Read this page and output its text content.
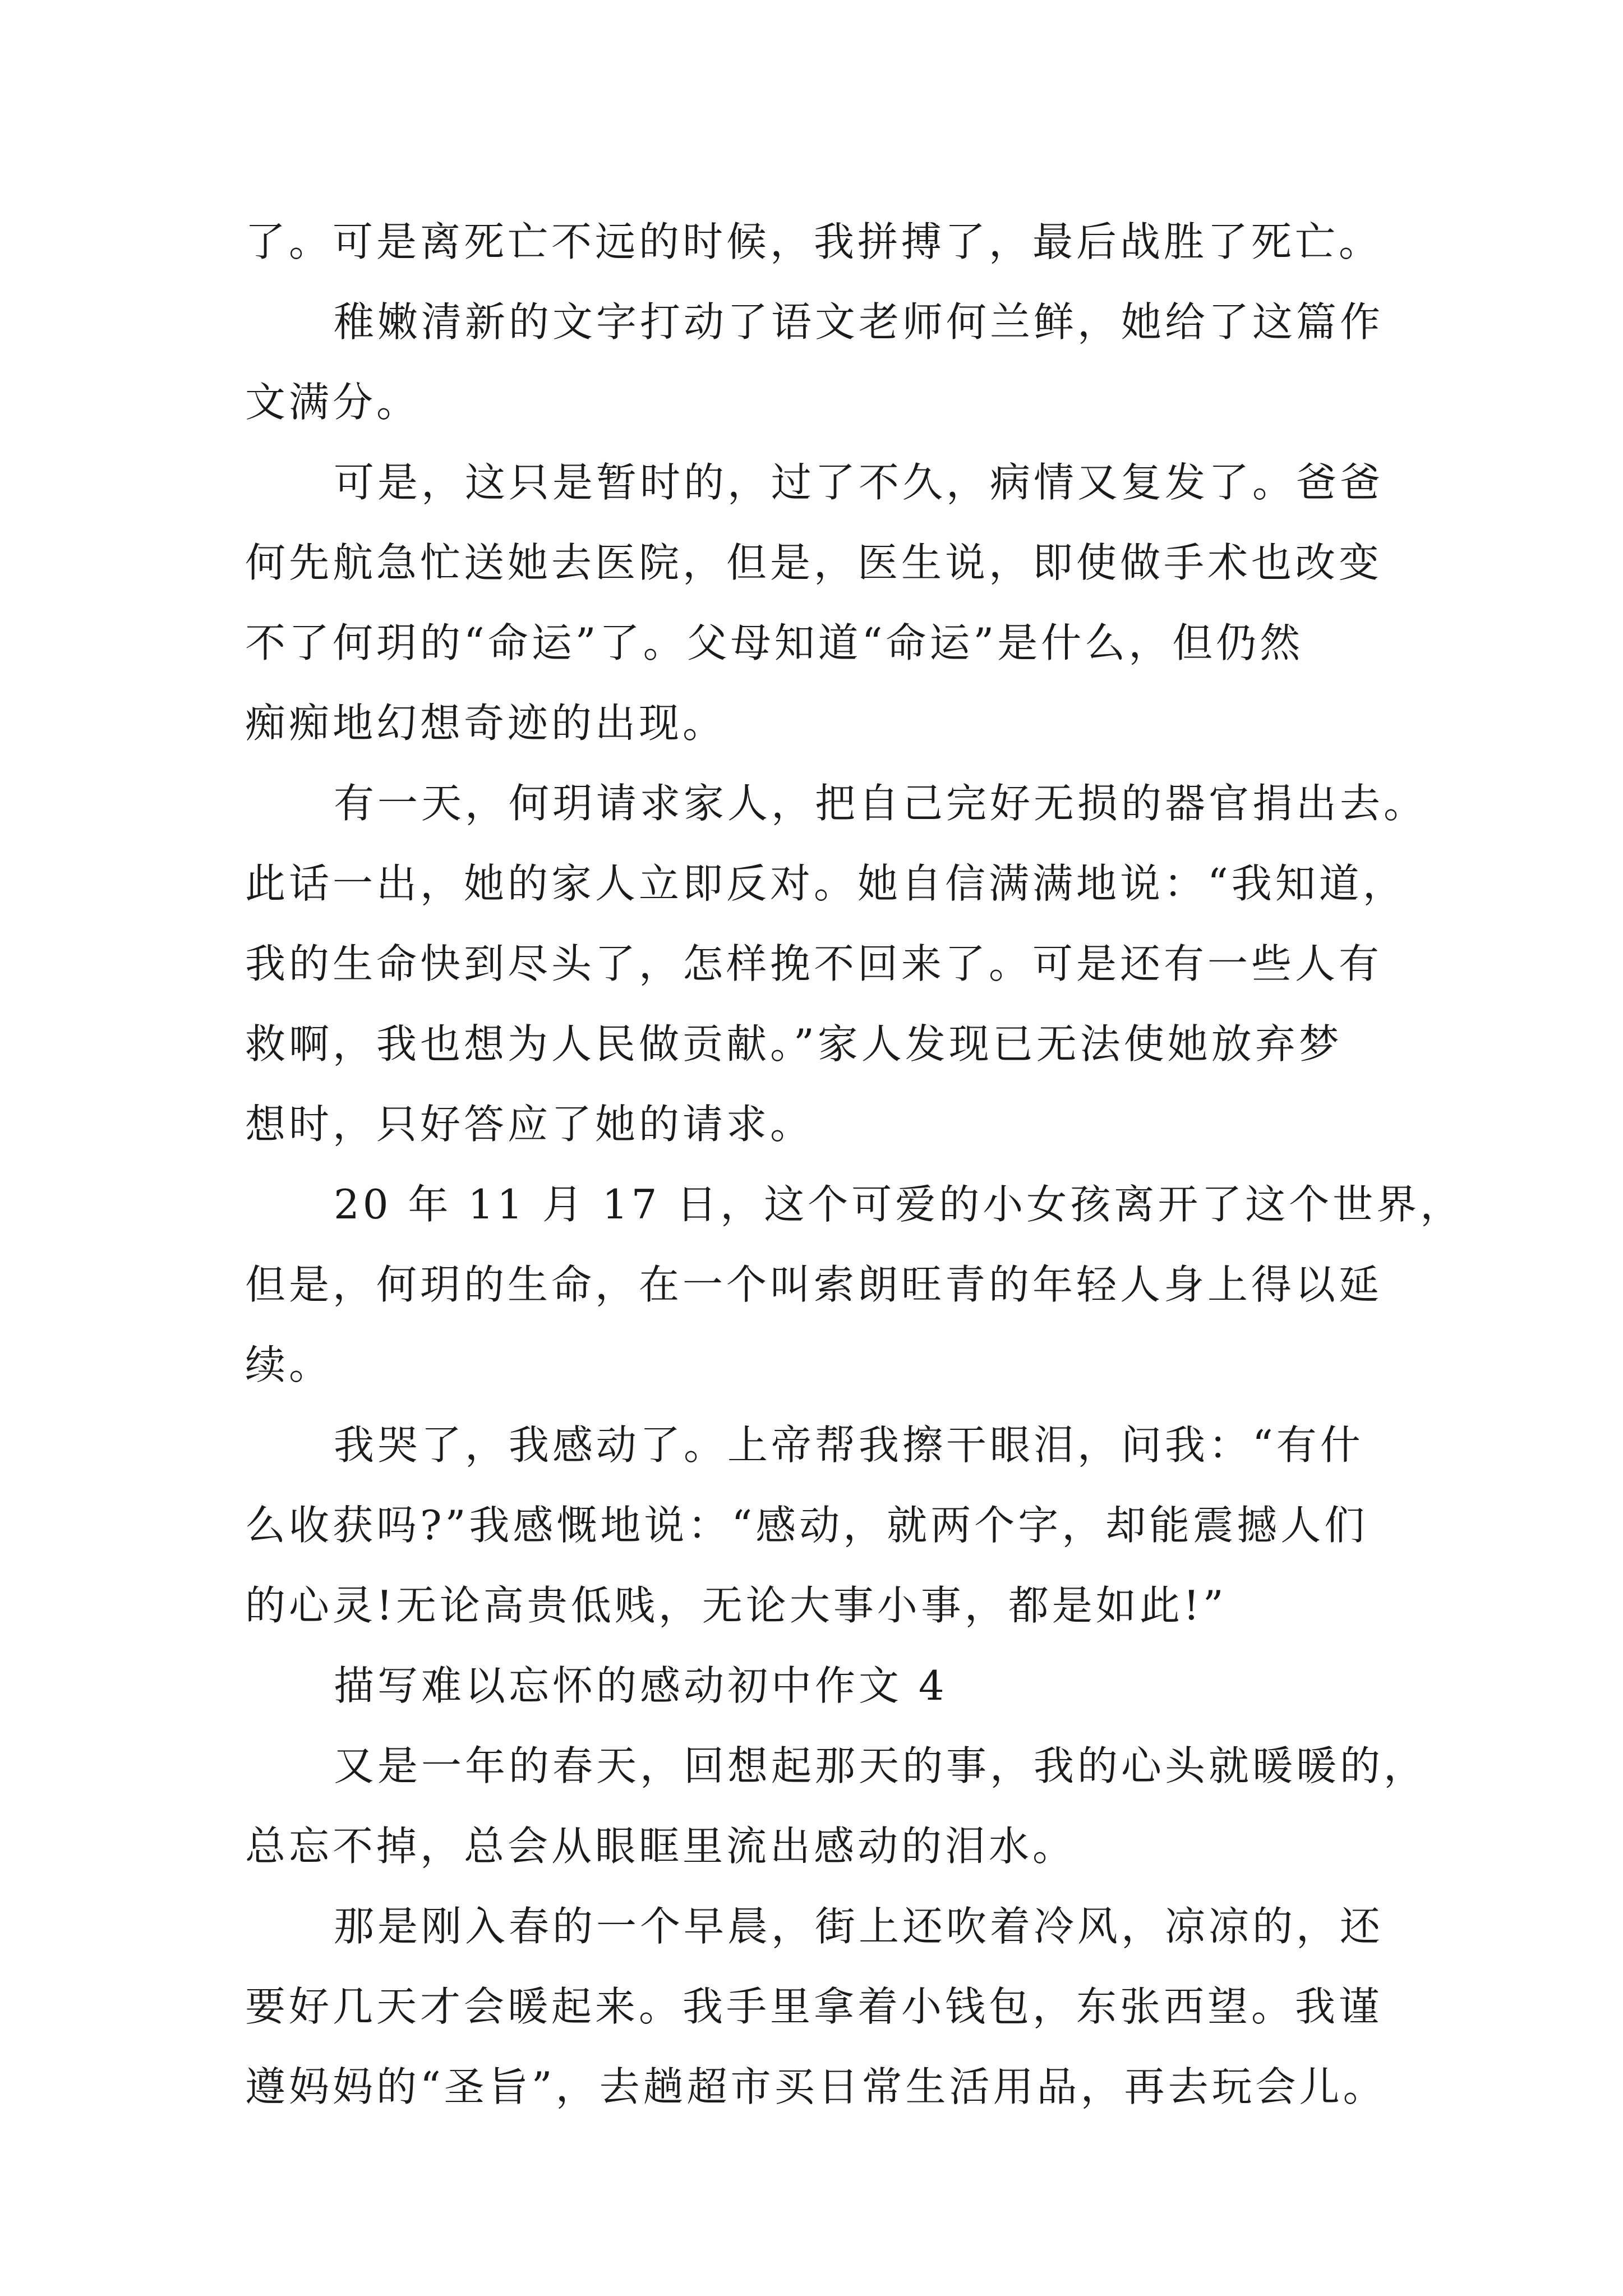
了。可是离死亡不远的时候，我拼搏了，最后战胜了死亡。
稚嫩清新的文字打动了语文老师何兰鲜，她给了这篇作
文满分。
可是，这只是暂时的，过了不久，病情又复发了。爸爸
何先航急忙送她去医院，但是，医生说，即使做手术也改变
不了何玥的“命运”了。父母知道“命运”是什么，但仍然
痴痴地幻想奇迹的出现。
有一天，何玥请求家人，把自己完好无损的器官捐出去。
此话一出，她的家人立即反对。她自信满满地说：“我知道，
我的生命快到尽头了，怎样挽不回来了。可是还有一些人有
救啊，我也想为人民做贡献。”家人发现已无法使她放弃梦
想时，只好答应了她的请求。
20 年 11 月 17 日，这个可爱的小女孩离开了这个世界，
但是，何玥的生命，在一个叫索朗旺青的年轻人身上得以延
续。
我哭了，我感动了。上帝帮我擦干眼泪，问我：“有什
么收获吗?”我感慨地说：“感动，就两个字，却能震撼人们
的心灵!无论高贵低贱，无论大事小事，都是如此!”
描写难以忘怀的感动初中作文 4
又是一年的春天，回想起那天的事，我的心头就暖暖的，
总忘不掉，总会从眼眶里流出感动的泪水。
那是刚入春的一个早晨，街上还吹着冷风，凉凉的，还
要好几天才会暖起来。我手里拿着小钱包，东张西望。我谨
遵妈妈的“圣旨”，去趟超市买日常生活用品，再去玩会儿。
